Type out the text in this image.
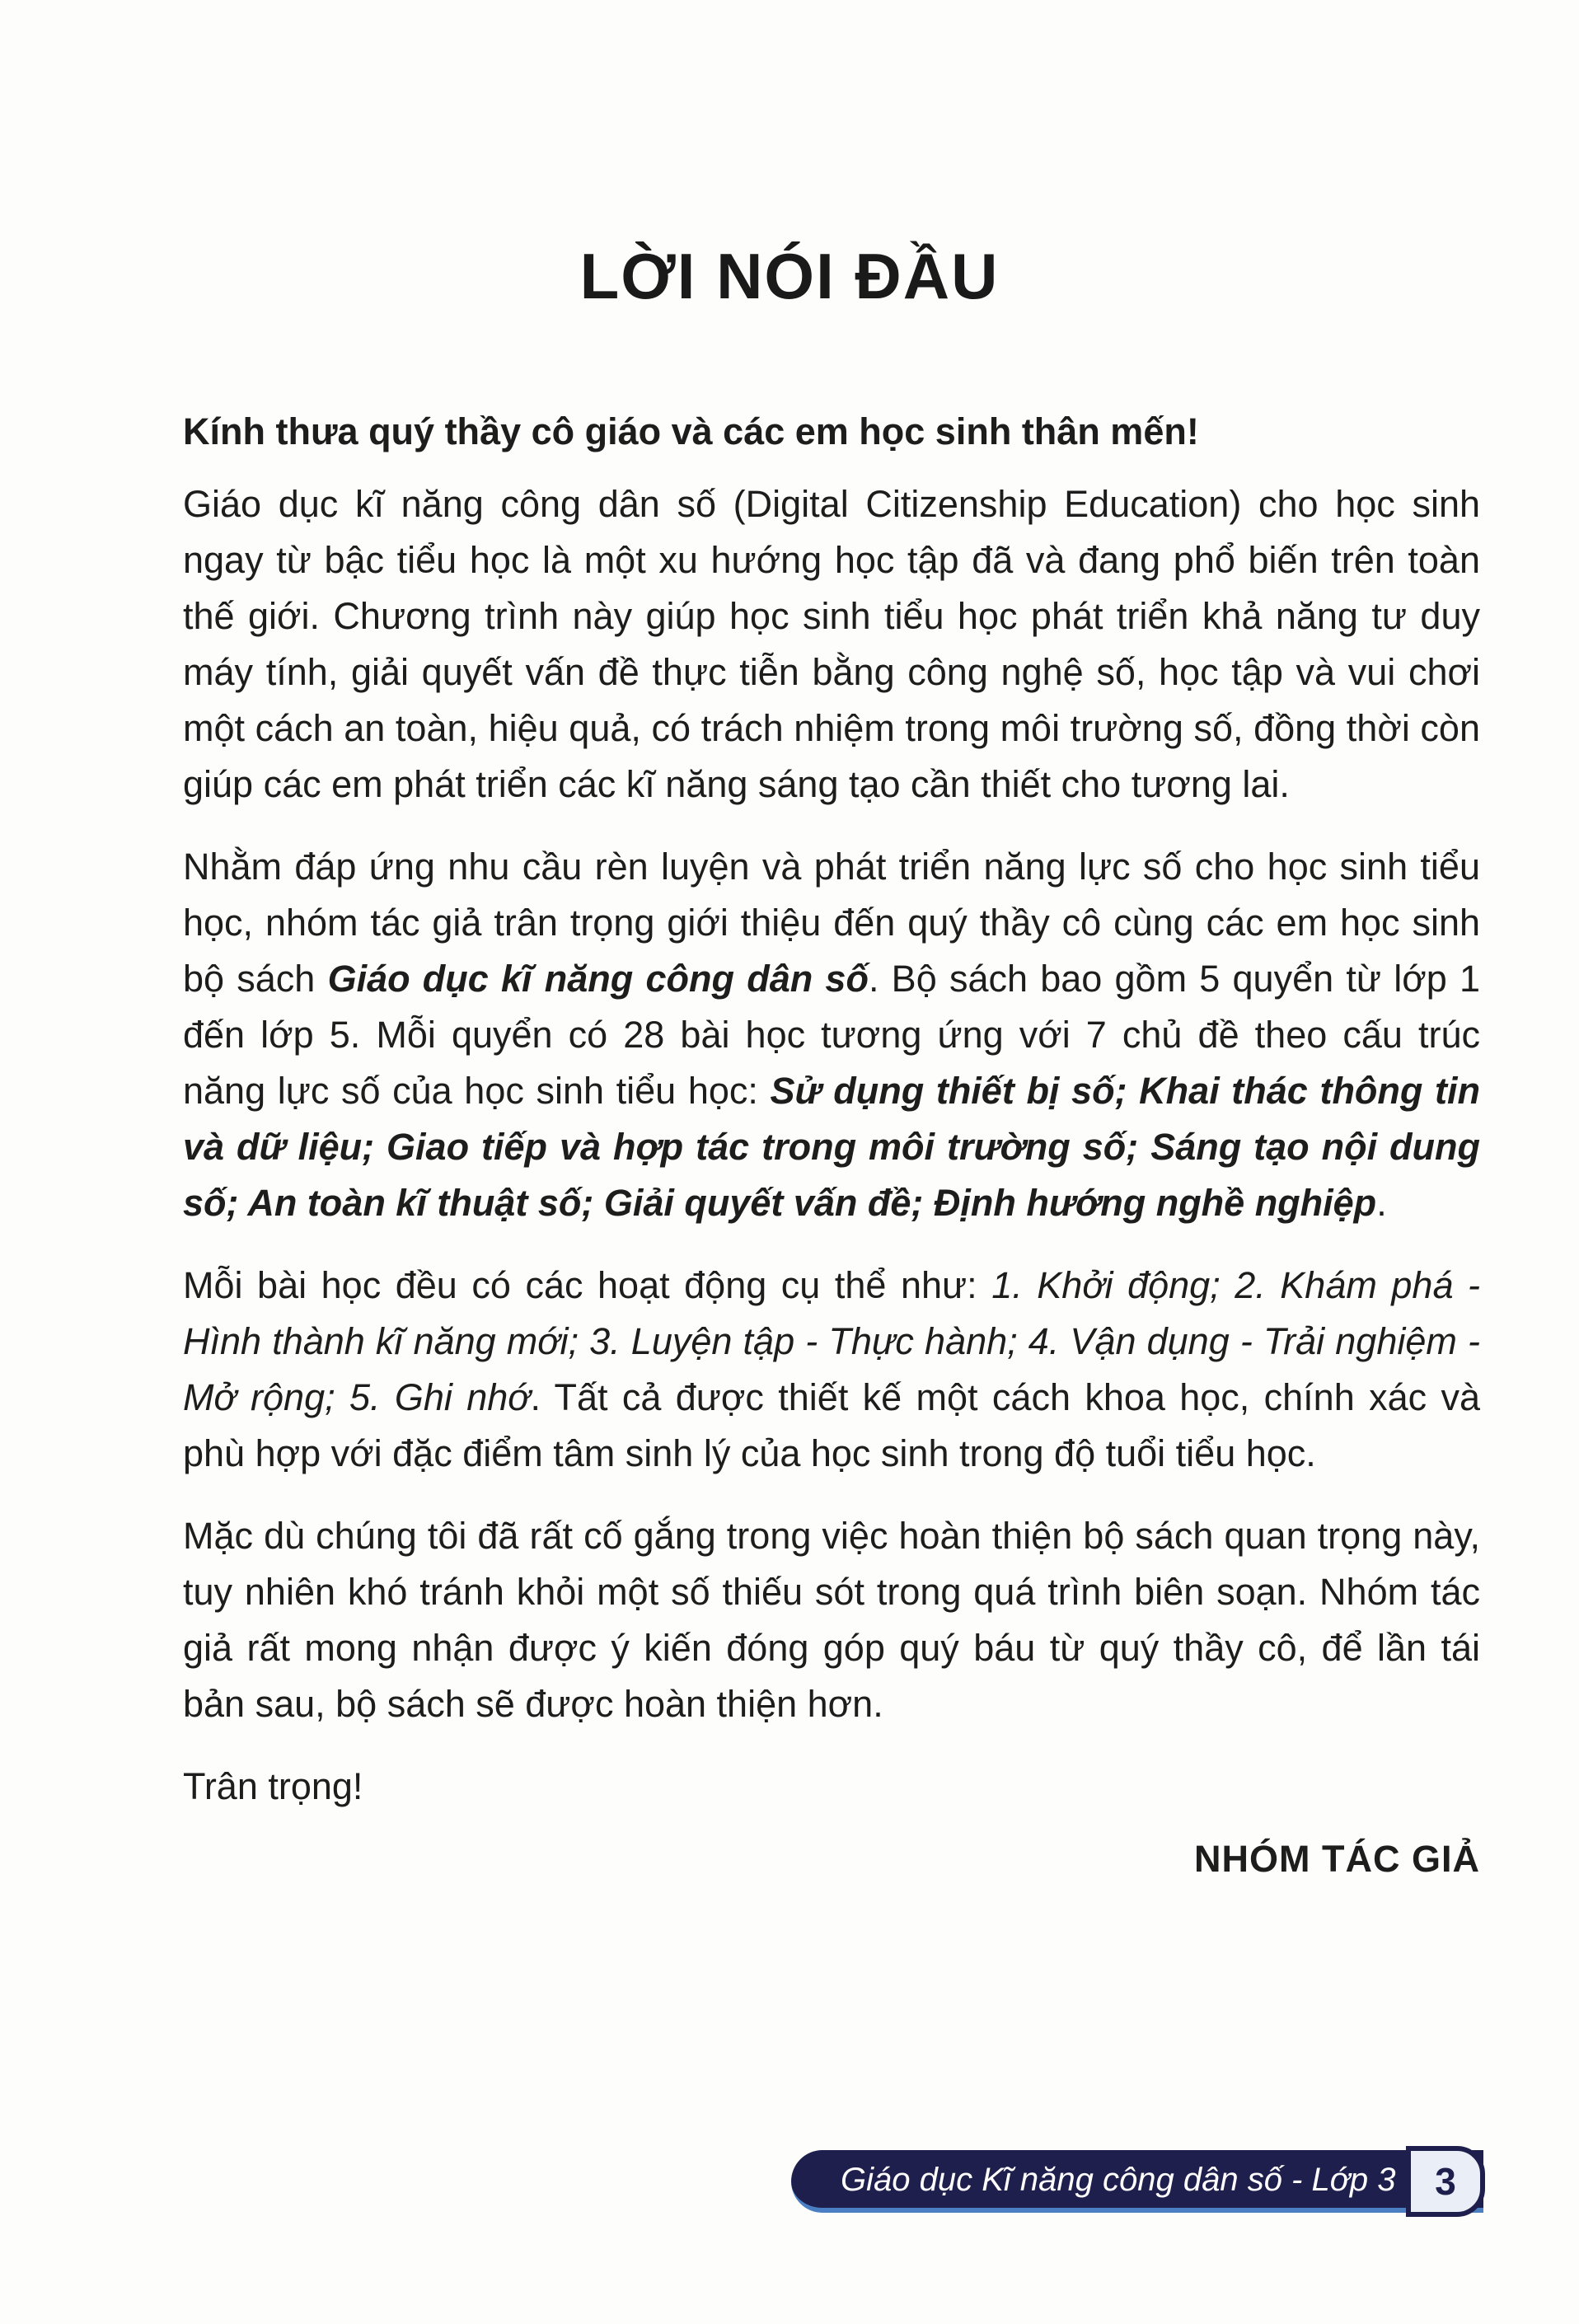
LỜI NÓI ĐẦU

Kính thưa quý thầy cô giáo và các em học sinh thân mến!

Giáo dục kĩ năng công dân số (Digital Citizenship Education) cho học sinh ngay từ bậc tiểu học là một xu hướng học tập đã và đang phổ biến trên toàn thế giới. Chương trình này giúp học sinh tiểu học phát triển khả năng tư duy máy tính, giải quyết vấn đề thực tiễn bằng công nghệ số, học tập và vui chơi một cách an toàn, hiệu quả, có trách nhiệm trong môi trường số, đồng thời còn giúp các em phát triển các kĩ năng sáng tạo cần thiết cho tương lai.

Nhằm đáp ứng nhu cầu rèn luyện và phát triển năng lực số cho học sinh tiểu học, nhóm tác giả trân trọng giới thiệu đến quý thầy cô cùng các em học sinh bộ sách Giáo dục kĩ năng công dân số. Bộ sách bao gồm 5 quyển từ lớp 1 đến lớp 5. Mỗi quyển có 28 bài học tương ứng với 7 chủ đề theo cấu trúc năng lực số của học sinh tiểu học: Sử dụng thiết bị số; Khai thác thông tin và dữ liệu; Giao tiếp và hợp tác trong môi trường số; Sáng tạo nội dung số; An toàn kĩ thuật số; Giải quyết vấn đề; Định hướng nghề nghiệp.

Mỗi bài học đều có các hoạt động cụ thể như: 1. Khởi động; 2. Khám phá - Hình thành kĩ năng mới; 3. Luyện tập - Thực hành; 4. Vận dụng - Trải nghiệm - Mở rộng; 5. Ghi nhớ. Tất cả được thiết kế một cách khoa học, chính xác và phù hợp với đặc điểm tâm sinh lý của học sinh trong độ tuổi tiểu học.

Mặc dù chúng tôi đã rất cố gắng trong việc hoàn thiện bộ sách quan trọng này, tuy nhiên khó tránh khỏi một số thiếu sót trong quá trình biên soạn. Nhóm tác giả rất mong nhận được ý kiến đóng góp quý báu từ quý thầy cô, để lần tái bản sau, bộ sách sẽ được hoàn thiện hơn.

Trân trọng!

NHÓM TÁC GIẢ
Giáo dục Kĩ năng công dân số - Lớp 3	3
